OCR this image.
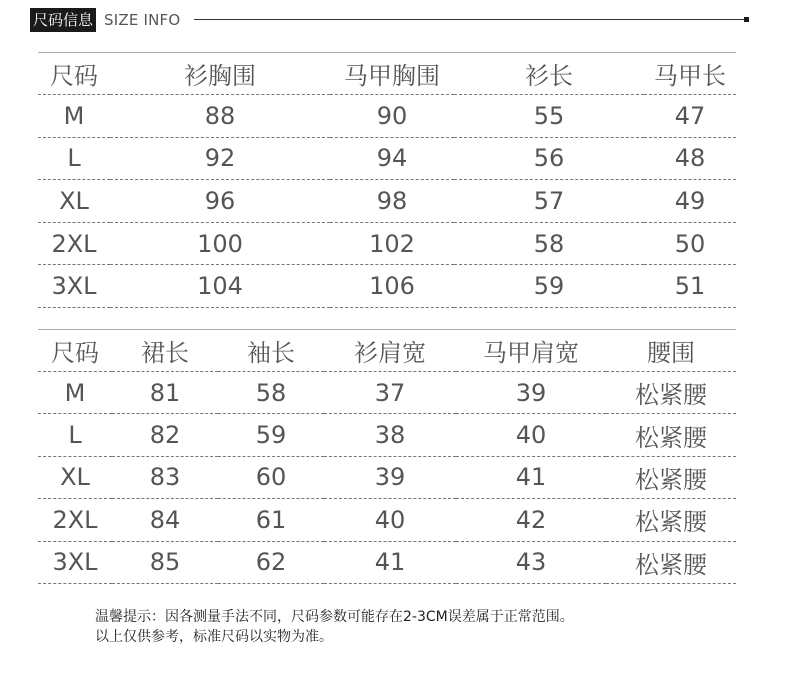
尺码信息 SIZE INFO
尺码	衫胸围	马甲胸围	衫长	马甲长
M	88	90	55	47
L	92	94	56	48
XL	96	98	57	49
2XL	100	102	58	50
3XL	104	106	59	51
尺码	裙长	袖长	衫肩宽	马甲肩宽	腰围
M	81	58	37	39	松紧腰
L	82	59	38	40	松紧腰
XL	83	60	39	41	松紧腰
2XL	84	61	40	42	松紧腰
3XL	85	62	41	43	松紧腰
温馨提示：因各测量手法不同，尺码参数可能存在2-3CM误差属于正常范围。
以上仅供参考，标准尺码以实物为准。
